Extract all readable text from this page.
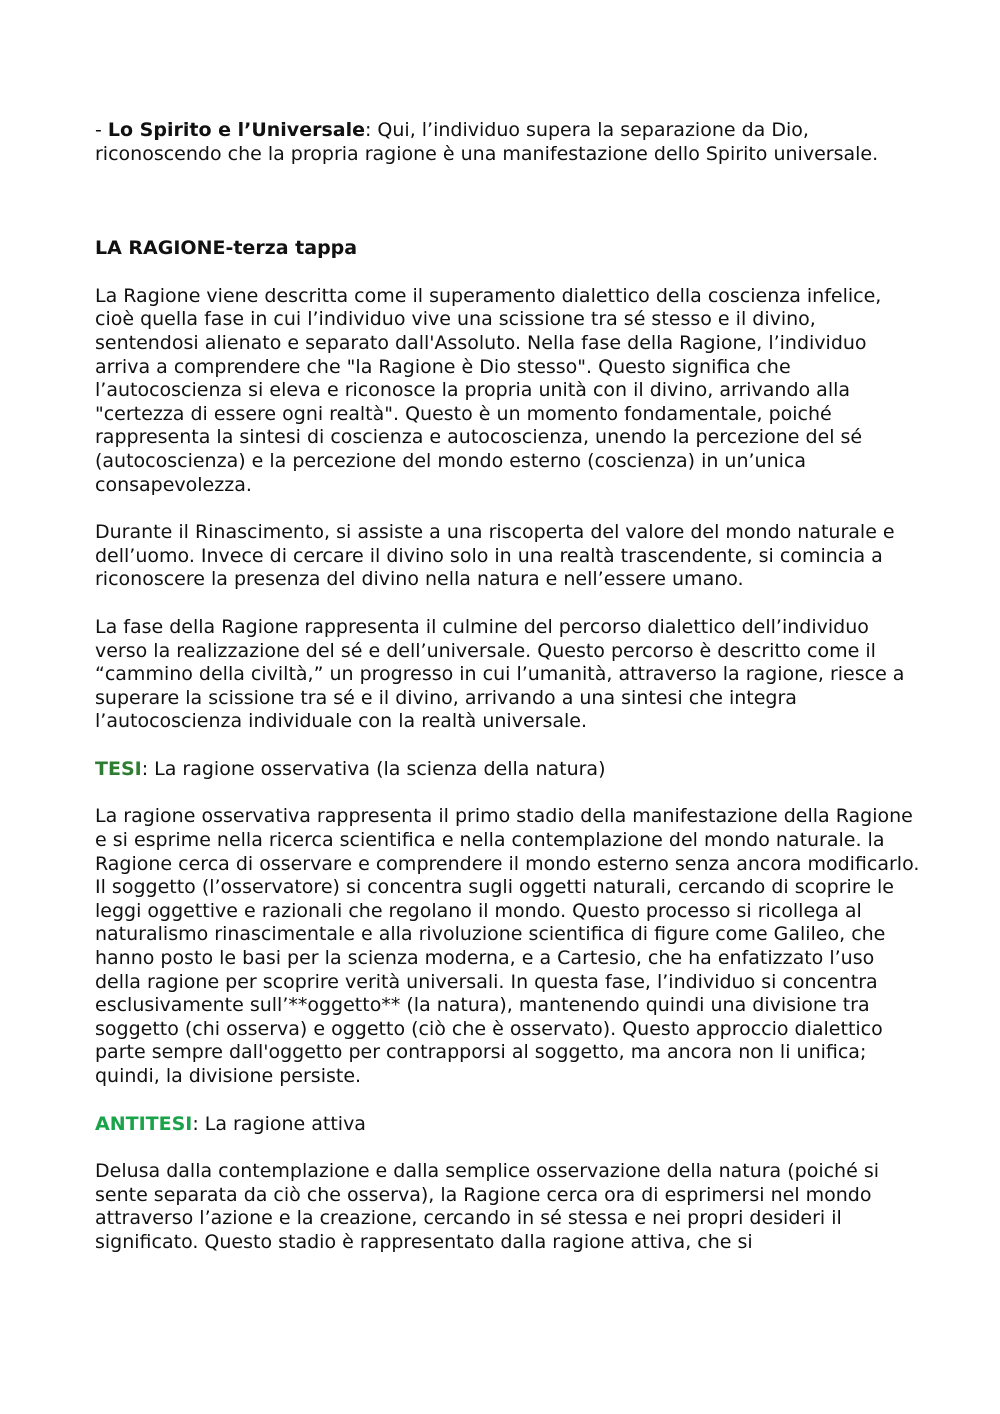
- Lo Spirito e l’Universale: Qui, l’individuo supera la separazione da Dio, riconoscendo che la propria ragione è una manifestazione dello Spirito universale.

LA RAGIONE-terza tappa

La Ragione viene descritta come il superamento dialettico della coscienza infelice, cioè quella fase in cui l’individuo vive una scissione tra sé stesso e il divino, sentendosi alienato e separato dall'Assoluto. Nella fase della Ragione, l’individuo arriva a comprendere che "la Ragione è Dio stesso". Questo significa che l’autocoscienza si eleva e riconosce la propria unità con il divino, arrivando alla "certezza di essere ogni realtà". Questo è un momento fondamentale, poiché rappresenta la sintesi di coscienza e autocoscienza, unendo la percezione del sé (autocoscienza) e la percezione del mondo esterno (coscienza) in un’unica consapevolezza.

Durante il Rinascimento, si assiste a una riscoperta del valore del mondo naturale e dell’uomo. Invece di cercare il divino solo in una realtà trascendente, si comincia a riconoscere la presenza del divino nella natura e nell’essere umano.

La fase della Ragione rappresenta il culmine del percorso dialettico dell’individuo verso la realizzazione del sé e dell’universale. Questo percorso è descritto come il “cammino della civiltà,” un progresso in cui l’umanità, attraverso la ragione, riesce a superare la scissione tra sé e il divino, arrivando a una sintesi che integra l’autocoscienza individuale con la realtà universale.

TESI: La ragione osservativa (la scienza della natura)

La ragione osservativa rappresenta il primo stadio della manifestazione della Ragione e si esprime nella ricerca scientifica e nella contemplazione del mondo naturale. la Ragione cerca di osservare e comprendere il mondo esterno senza ancora modificarlo. Il soggetto (l’osservatore) si concentra sugli oggetti naturali, cercando di scoprire le leggi oggettive e razionali che regolano il mondo. Questo processo si ricollega al naturalismo rinascimentale e alla rivoluzione scientifica di figure come Galileo, che hanno posto le basi per la scienza moderna, e a Cartesio, che ha enfatizzato l’uso della ragione per scoprire verità universali. In questa fase, l’individuo si concentra esclusivamente sull’**oggetto** (la natura), mantenendo quindi una divisione tra soggetto (chi osserva) e oggetto (ciò che è osservato). Questo approccio dialettico parte sempre dall'oggetto per contrapporsi al soggetto, ma ancora non li unifica; quindi, la divisione persiste.

ANTITESI: La ragione attiva

Delusa dalla contemplazione e dalla semplice osservazione della natura (poiché si sente separata da ciò che osserva), la Ragione cerca ora di esprimersi nel mondo attraverso l’azione e la creazione, cercando in sé stessa e nei propri desideri il significato. Questo stadio è rappresentato dalla ragione attiva, che si
